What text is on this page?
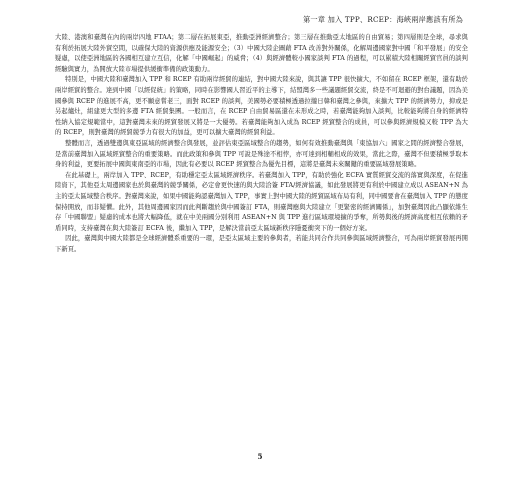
第一章 加入 TPP、RCEP：海峽兩岸應該有所為

大陸、港澳和臺灣在內的兩岸四地 FTAA；第二層在拓展東亞，推動亞洲經濟整合；第三層在推動亞太地區的自由貿易；第四層則是全球，尋求與有利於拓展大陸外貿空間，以確保大陸的資源供應及能源安全；（3）中國大陸企圖藉 FTA 改善對外關係，化解周邊國家對中國「和平發展」的安全疑慮，以使亞洲地區的各國相互建立互信，化解「中國崛起」的威脅；（4）與經濟體較小國家談判 FTA 的過程，可以累積大陸相關經貿官員的談判經驗與實力，為開放大陸市場提供緩衝準備的政策動力。

特別是，中國大陸和臺灣加入 TPP 和 RCEP 有助兩岸經貿的連結，對中國大陸來說，與其讓 TPP 很快擴大，不如留在 RCEP 框架，還有助於兩岸經貿的整合。達到中國「以經促統」的策略，同時在影響國人習近平的主導下，結盟灣多一些議題經貿交流，終是不可迴避的對台議題，因為美國參與 RCEP 的進展不高，更不願意嘗老三，面對 RCEP 的談判，美國勢必要積極透過拉攏日韓和臺灣之參與，來擴大 TPP 的經濟勢力，抑或是另起爐灶，組建更大型的多邊 FTA 經貿集團。一般而言，在 RCEP 自由貿易區還在未形成之時，若臺灣能夠加入談判，比較能夠將自身的經濟特性納入協定規範當中，這對臺灣未來的經貿發展又將是一大優勢。若臺灣能夠加入成為 RCEP 經貿整合的成員，可以參與經濟規模又較 TPP 為大的 RCEP，則對臺灣的經貿競爭力有很大的加益，更可以擴大臺灣的經貿利益。

整體而言，透過雙邊與東亞區域的經濟整合與發展，並評估東亞區域整合的趨勢，如何有效推動臺灣與「東協加六」國家之間的經濟整合發展，是當前臺灣加入區域經貿整合的重要策略。而此政策和參與 TPP 可說是殊途不相悖，亦可達到相輔相成的效果，當此之際，臺灣不但要積極爭取本身的利益，更要拓展中國與東南亞的市場，因此有必要以 RCEP 經貿整合為優先目標，這將是臺灣未來關鍵的重要區域發展策略。

在此基礎上，兩岸加入 TPP、RCEP，有助穩定亞太區域經濟秩序。若臺灣加入 TPP，有助於強化 ECFA 實質經貿交流的落實與深度，在促進陸資下，其他亞太周邊國家也於與臺灣的競爭關係，必定會更快速的與大陸洽簽 FTA/經濟協議，如此發展將更有利於中國建立成以 ASEAN+N 為主的亞太區域整合秩序。對臺灣來說，如果中國能夠認臺灣加入 TPP，事實上對中國大陸的經貿區域布局有利，同中國要會在臺灣加入 TPP 的態度保持開放，而非疑懼。此外，其他周邊國家因而此判斷趨於與中國簽訂 FTA，則臺灣應與大陸建立「更緊密的經濟關係」，加對臺灣因此凸顯依維生存「中國聯盟」疑慮的成本也將大幅降低，就在中美兩國分別利用 ASEAN+N 與 TPP 進行區域環境擴的爭奪，所勢與後的經濟高度相互依賴的矛盾同時，支持臺灣在與大陸簽訂 ECFA 後，繼加入 TPP，是解決當前亞太區域新秩序隱憂衝突下的一個好方案。

因此，臺灣與中國大陸都是全球經濟體系重要的一環，是亞太區域主要的參與者，若能共同合作共同參與區域經濟整合，可為兩岸經貿發展再開下新頁。

5
